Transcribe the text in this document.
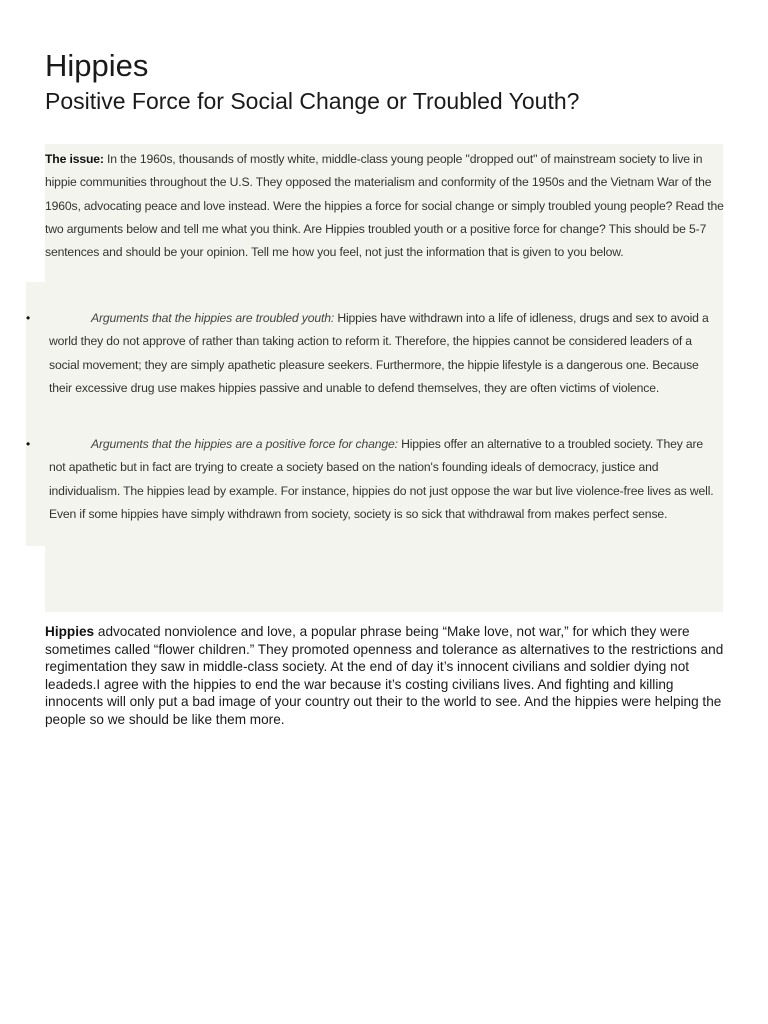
Hippies
Positive Force for Social Change or Troubled Youth?

The issue: In the 1960s, thousands of mostly white, middle-class young people "dropped out" of mainstream society to live in hippie communities throughout the U.S. They opposed the materialism and conformity of the 1950s and the Vietnam War of the 1960s, advocating peace and love instead. Were the hippies a force for social change or simply troubled young people? Read the two arguments below and tell me what you think. Are Hippies troubled youth or a positive force for change? This should be 5-7 sentences and should be your opinion. Tell me how you feel, not just the information that is given to you below.

•	Arguments that the hippies are troubled youth: Hippies have withdrawn into a life of idleness, drugs and sex to avoid a world they do not approve of rather than taking action to reform it. Therefore, the hippies cannot be considered leaders of a social movement; they are simply apathetic pleasure seekers. Furthermore, the hippie lifestyle is a dangerous one. Because their excessive drug use makes hippies passive and unable to defend themselves, they are often victims of violence.

•	Arguments that the hippies are a positive force for change: Hippies offer an alternative to a troubled society. They are not apathetic but in fact are trying to create a society based on the nation's founding ideals of democracy, justice and individualism. The hippies lead by example. For instance, hippies do not just oppose the war but live violence-free lives as well. Even if some hippies have simply withdrawn from society, society is so sick that withdrawal from makes perfect sense.

Hippies advocated nonviolence and love, a popular phrase being “Make love, not war,” for which they were sometimes called “flower children.” They promoted openness and tolerance as alternatives to the restrictions and regimentation they saw in middle-class society. At the end of day it’s innocent civilians and soldier dying not leadeds.I agree with the hippies to end the war because it’s costing civilians lives. And fighting and killing innocents will only put a bad image of your country out their to the world to see. And the hippies were helping the people so we should be like them more.
